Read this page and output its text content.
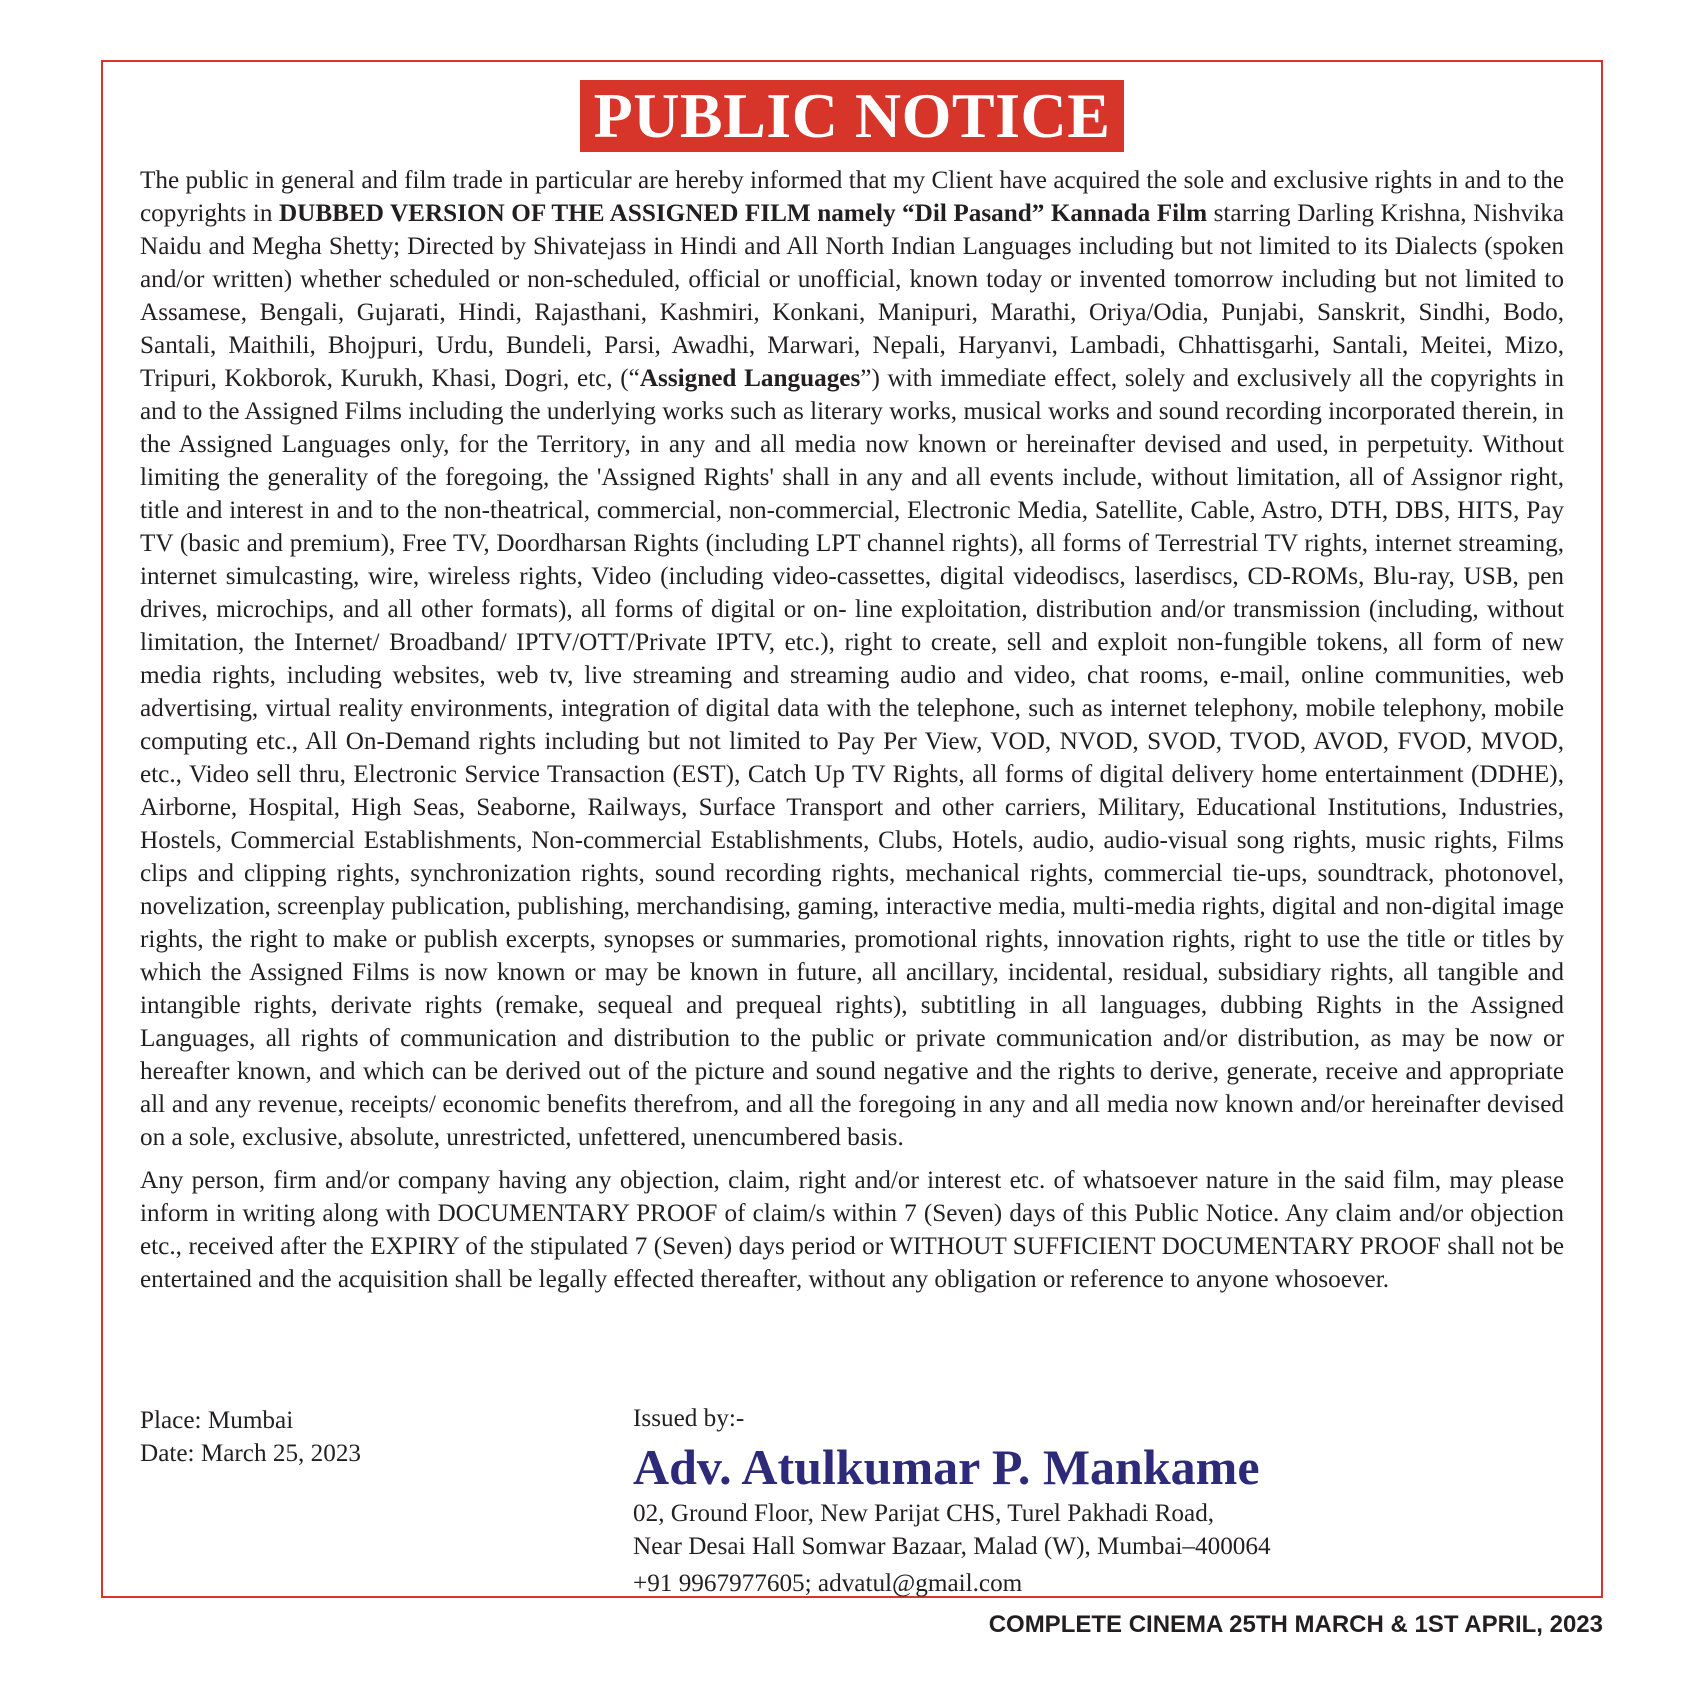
PUBLIC NOTICE

The public in general and film trade in particular are hereby informed that my Client have acquired the sole and exclusive rights in and to the copyrights in DUBBED VERSION OF THE ASSIGNED FILM namely “Dil Pasand” Kannada Film starring Darling Krishna, Nishvika Naidu and Megha Shetty; Directed by Shivatejass in Hindi and All North Indian Languages including but not limited to its Dialects (spoken and/or written) whether scheduled or non-scheduled, official or unofficial, known today or invented tomorrow including but not limited to Assamese, Bengali, Gujarati, Hindi, Rajasthani, Kashmiri, Konkani, Manipuri, Marathi, Oriya/Odia, Punjabi, Sanskrit, Sindhi, Bodo, Santali, Maithili, Bhojpuri, Urdu, Bundeli, Parsi, Awadhi, Marwari, Nepali, Haryanvi, Lambadi, Chhattisgarhi, Santali, Meitei, Mizo, Tripuri, Kokborok, Kurukh, Khasi, Dogri, etc, (“Assigned Languages”) with immediate effect, solely and exclusively all the copyrights in and to the Assigned Films including the underlying works such as literary works, musical works and sound recording incorporated therein, in the Assigned Languages only, for the Territory, in any and all media now known or hereinafter devised and used, in perpetuity. Without limiting the generality of the foregoing, the 'Assigned Rights' shall in any and all events include, without limitation, all of Assignor right, title and interest in and to the non-theatrical, commercial, non-commercial, Electronic Media, Satellite, Cable, Astro, DTH, DBS, HITS, Pay TV (basic and premium), Free TV, Doordharsan Rights (including LPT channel rights), all forms of Terrestrial TV rights, internet streaming, internet simulcasting, wire, wireless rights, Video (including video-cassettes, digital videodiscs, laserdiscs, CD-ROMs, Blu-ray, USB, pen drives, microchips, and all other formats), all forms of digital or on- line exploitation, distribution and/or transmission (including, without limitation, the Internet/ Broadband/ IPTV/OTT/Private IPTV, etc.), right to create, sell and exploit non-fungible tokens, all form of new media rights, including websites, web tv, live streaming and streaming audio and video, chat rooms, e-mail, online communities, web advertising, virtual reality environments, integration of digital data with the telephone, such as internet telephony, mobile telephony, mobile computing etc., All On-Demand rights including but not limited to Pay Per View, VOD, NVOD, SVOD, TVOD, AVOD, FVOD, MVOD, etc., Video sell thru, Electronic Service Transaction (EST), Catch Up TV Rights, all forms of digital delivery home entertainment (DDHE), Airborne, Hospital, High Seas, Seaborne, Railways, Surface Transport and other carriers, Military, Educational Institutions, Industries, Hostels, Commercial Establishments, Non-commercial Establishments, Clubs, Hotels, audio, audio-visual song rights, music rights, Films clips and clipping rights, synchronization rights, sound recording rights, mechanical rights, commercial tie-ups, soundtrack, photonovel, novelization, screenplay publication, publishing, merchandising, gaming, interactive media, multi-media rights, digital and non-digital image rights, the right to make or publish excerpts, synopses or summaries, promotional rights, innovation rights, right to use the title or titles by which the Assigned Films is now known or may be known in future, all ancillary, incidental, residual, subsidiary rights, all tangible and intangible rights, derivate rights (remake, sequeal and prequeal rights), subtitling in all languages, dubbing Rights in the Assigned Languages, all rights of communication and distribution to the public or private communication and/or distribution, as may be now or hereafter known, and which can be derived out of the picture and sound negative and the rights to derive, generate, receive and appropriate all and any revenue, receipts/ economic benefits therefrom, and all the foregoing in any and all media now known and/or hereinafter devised on a sole, exclusive, absolute, unrestricted, unfettered, unencumbered basis.

Any person, firm and/or company having any objection, claim, right and/or interest etc. of whatsoever nature in the said film, may please inform in writing along with DOCUMENTARY PROOF of claim/s within 7 (Seven) days of this Public Notice. Any claim and/or objection etc., received after the EXPIRY of the stipulated 7 (Seven) days period or WITHOUT SUFFICIENT DOCUMENTARY PROOF shall not be entertained and the acquisition shall be legally effected thereafter, without any obligation or reference to anyone whosoever.

Place: Mumbai
Date: March 25, 2023
Issued by:-
Adv. Atulkumar P. Mankame
02, Ground Floor, New Parijat CHS, Turel Pakhadi Road,
Near Desai Hall Somwar Bazaar, Malad (W), Mumbai–400064
+91 9967977605; advatul@gmail.com
COMPLETE CINEMA 25TH MARCH & 1ST APRIL, 2023
